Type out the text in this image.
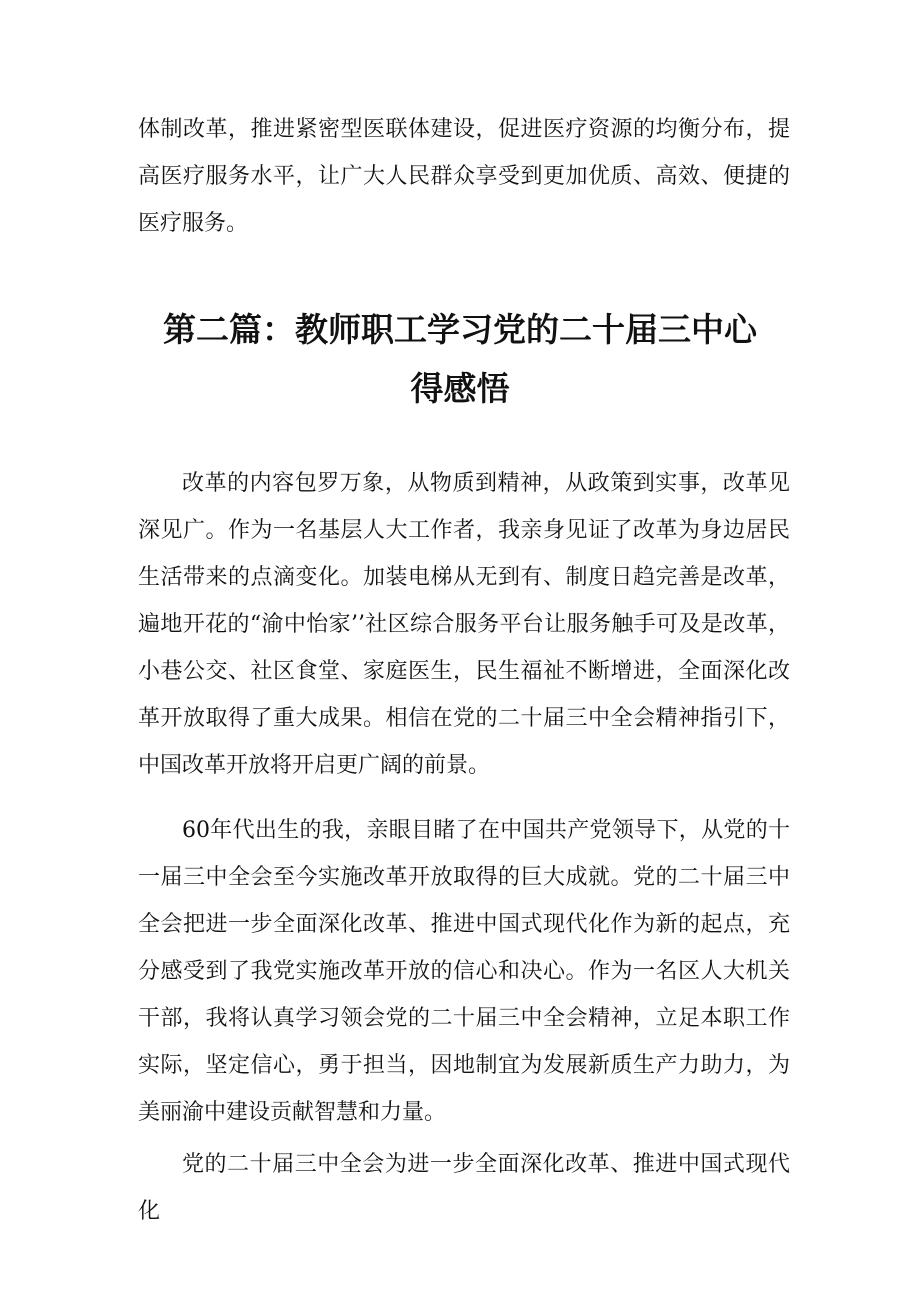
体制改革，推进紧密型医联体建设，促进医疗资源的均衡分布，提高医疗服务水平，让广大人民群众享受到更加优质、高效、便捷的医疗服务。

第二篇：教师职工学习党的二十届三中心
得感悟

改革的内容包罗万象，从物质到精神，从政策到实事，改革见深见广。作为一名基层人大工作者，我亲身见证了改革为身边居民生活带来的点滴变化。加装电梯从无到有、制度日趋完善是改革，遍地开花的“渝中怡家’’社区综合服务平台让服务触手可及是改革，小巷公交、社区食堂、家庭医生，民生福祉不断增进，全面深化改革开放取得了重大成果。相信在党的二十届三中全会精神指引下，中国改革开放将开启更广阔的前景。

60年代出生的我，亲眼目睹了在中国共产党领导下，从党的十一届三中全会至今实施改革开放取得的巨大成就。党的二十届三中全会把进一步全面深化改革、推进中国式现代化作为新的起点，充分感受到了我党实施改革开放的信心和决心。作为一名区人大机关干部，我将认真学习领会党的二十届三中全会精神，立足本职工作实际，坚定信心，勇于担当，因地制宜为发展新质生产力助力，为美丽渝中建设贡献智慧和力量。

党的二十届三中全会为进一步全面深化改革、推进中国式现代化
